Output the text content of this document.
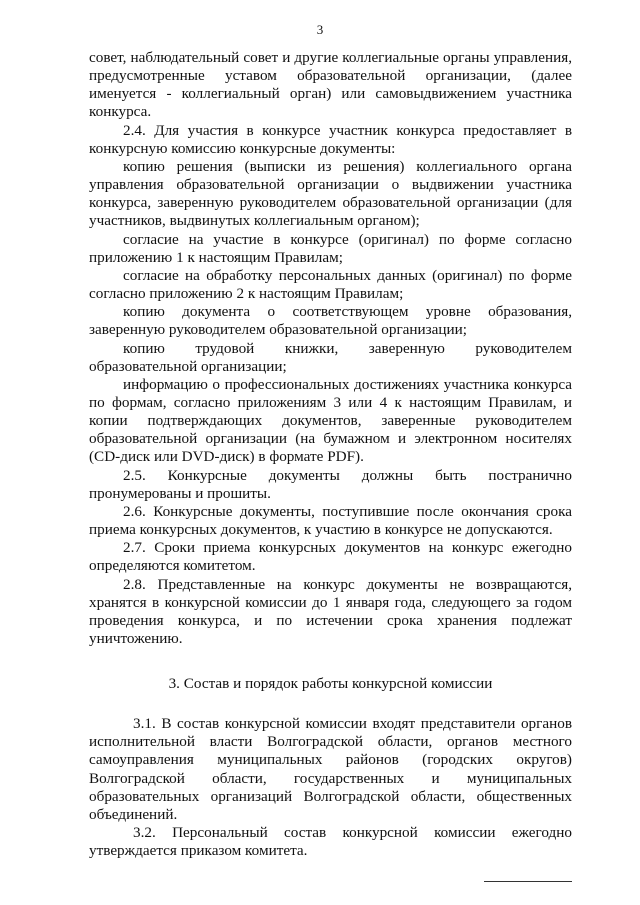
3

совет, наблюдательный совет и другие коллегиальные органы управления, предусмотренные уставом образовательной организации, (далее именуется - коллегиальный орган) или самовыдвижением участника конкурса.

2.4. Для участия в конкурсе участник конкурса предоставляет в конкурсную комиссию конкурсные документы:

копию решения (выписки из решения) коллегиального органа управления образовательной организации о выдвижении участника конкурса, заверенную руководителем образовательной организации (для участников, выдвинутых коллегиальным органом);

согласие на участие в конкурсе (оригинал) по форме согласно приложению 1 к настоящим Правилам;

согласие на обработку персональных данных (оригинал) по форме согласно приложению 2 к настоящим Правилам;

копию документа о соответствующем уровне образования, заверенную руководителем образовательной организации;

копию трудовой книжки, заверенную руководителем образовательной организации;

информацию о профессиональных достижениях участника конкурса по формам, согласно приложениям 3 или 4 к настоящим Правилам, и копии подтверждающих документов, заверенные руководителем образовательной организации (на бумажном и электронном носителях (CD-диск или DVD-диск) в формате PDF).

2.5. Конкурсные документы должны быть постранично пронумерованы и прошиты.

2.6. Конкурсные документы, поступившие после окончания срока приема конкурсных документов, к участию в конкурсе не допускаются.

2.7. Сроки приема конкурсных документов на конкурс ежегодно определяются комитетом.

2.8. Представленные на конкурс документы не возвращаются, хранятся в конкурсной комиссии до 1 января года, следующего за годом проведения конкурса, и по истечении срока хранения подлежат уничтожению.

3. Состав и порядок работы конкурсной комиссии

3.1. В состав конкурсной комиссии входят представители органов исполнительной власти Волгоградской области, органов местного самоуправления муниципальных районов (городских округов) Волгоградской области, государственных и муниципальных образовательных организаций Волгоградской области, общественных объединений.

3.2. Персональный состав конкурсной комиссии ежегодно утверждается приказом комитета.
